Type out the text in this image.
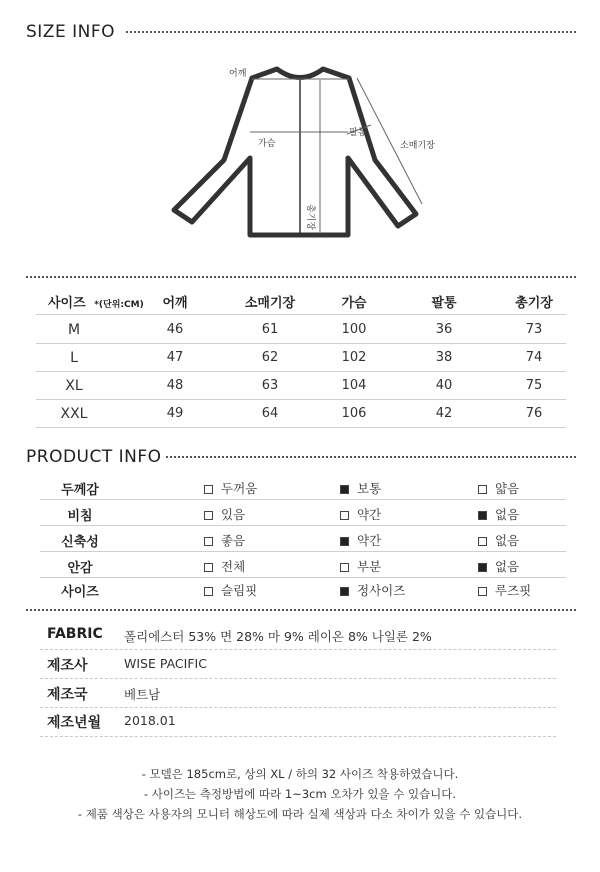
SIZE INFO
어깨
가슴
팔통
소매기장
총기장
사이즈 *(단위:CM)	어깨	소매기장	가슴	팔통	총기장
M	46	61	100	36	73
L	47	62	102	38	74
XL	48	63	104	40	75
XXL	49	64	106	42	76
PRODUCT INFO
두께감	두꺼움	보통	얇음
비침	있음	약간	없음
신축성	좋음	약간	없음
안감	전체	부분	없음
사이즈	슬림핏	정사이즈	루즈핏
FABRIC 폴리에스터 53% 면 28% 마 9% 레이온 8% 나일론 2%
제조사	WISE PACIFIC
제조국	베트남
제조년월 2018.01
- 모델은 185cm로, 상의 XL / 하의 32 사이즈 착용하였습니다.
- 사이즈는 측정방법에 따라 1~3cm 오차가 있을 수 있습니다.
- 제품 색상은 사용자의 모니터 해상도에 따라 실제 색상과 다소 차이가 있을 수 있습니다.
